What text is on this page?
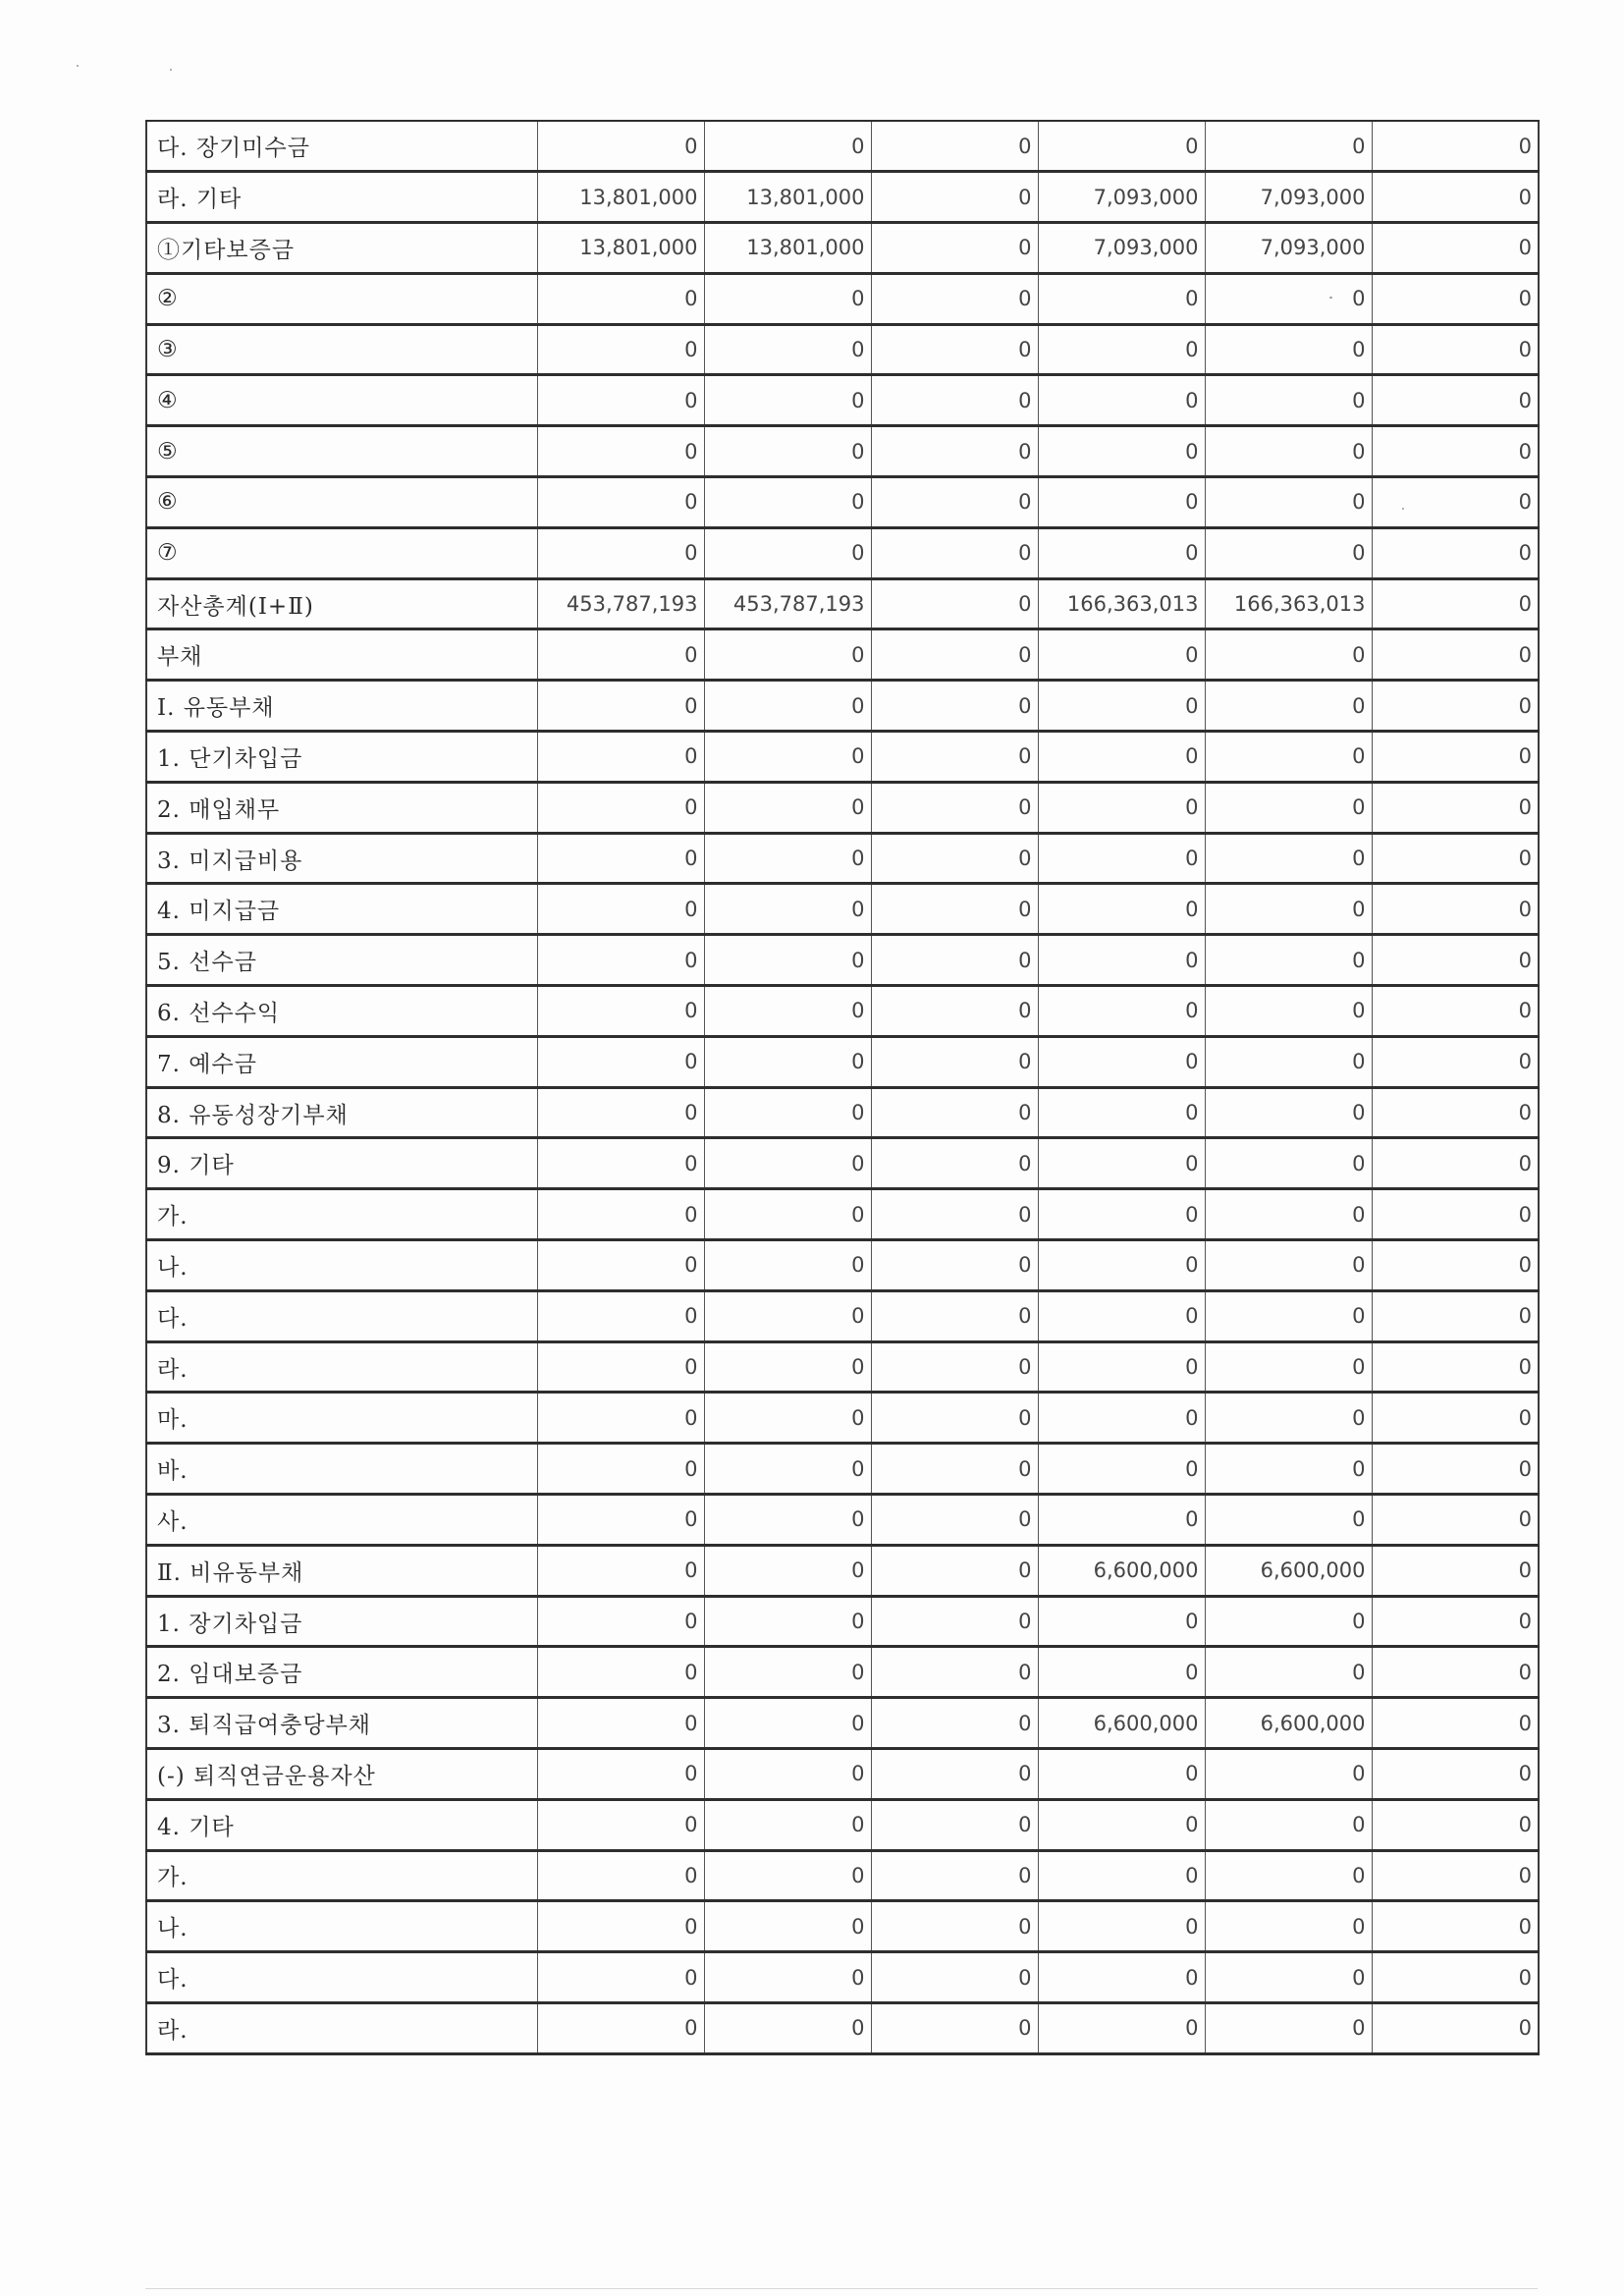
다. 장기미수금	0	0	0	0	0	0
라. 기타	13,801,000	13,801,000	0	7,093,000	7,093,000	0
①기타보증금	13,801,000	13,801,000	0	7,093,000	7,093,000	0
②	0	0	0	0	0	0
③	0	0	0	0	0	0
④	0	0	0	0	0	0
⑤	0	0	0	0	0	0
⑥	0	0	0	0	0	0
⑦	0	0	0	0	0	0
자산총계(Ⅰ+Ⅱ)	453,787,193	453,787,193	0	166,363,013	166,363,013	0
부채	0	0	0	0	0	0
Ⅰ. 유동부채	0	0	0	0	0	0
1. 단기차입금	0	0	0	0	0	0
2. 매입채무	0	0	0	0	0	0
3. 미지급비용	0	0	0	0	0	0
4. 미지급금	0	0	0	0	0	0
5. 선수금	0	0	0	0	0	0
6. 선수수익	0	0	0	0	0	0
7. 예수금	0	0	0	0	0	0
8. 유동성장기부채	0	0	0	0	0	0
9. 기타	0	0	0	0	0	0
가.	0	0	0	0	0	0
나.	0	0	0	0	0	0
다.	0	0	0	0	0	0
라.	0	0	0	0	0	0
마.	0	0	0	0	0	0
바.	0	0	0	0	0	0
사.	0	0	0	0	0	0
Ⅱ. 비유동부채	0	0	0	6,600,000	6,600,000	0
1. 장기차입금	0	0	0	0	0	0
2. 임대보증금	0	0	0	0	0	0
3. 퇴직급여충당부채	0	0	0	6,600,000	6,600,000	0
(-) 퇴직연금운용자산	0	0	0	0	0	0
4. 기타	0	0	0	0	0	0
가.	0	0	0	0	0	0
나.	0	0	0	0	0	0
다.	0	0	0	0	0	0
라.	0	0	0	0	0	0
